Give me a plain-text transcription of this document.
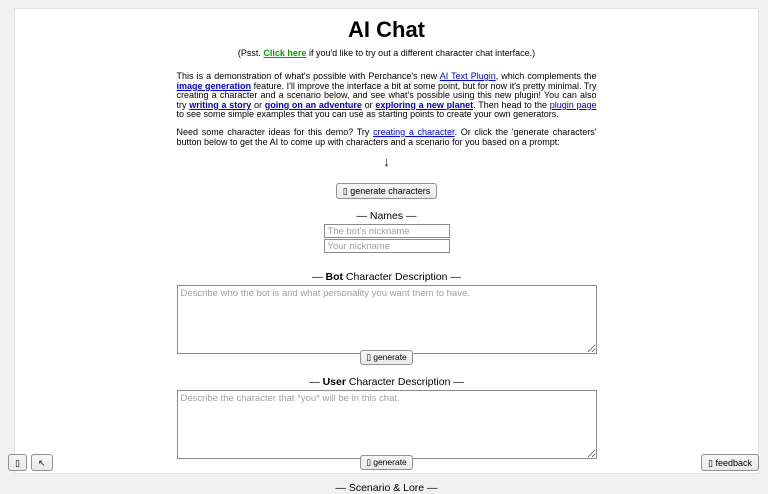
AI Chat
(Psst. Click here if you'd like to try out a different character chat interface.)

This is a demonstration of what's possible with Perchance's new AI Text Plugin, which complements the image generation feature. I'll improve the interface a bit at some point, but for now it's pretty minimal. Try creating a character and a scenario below, and see what's possible using this new plugin! You can also try writing a story or going on an adventure or exploring a new planet. Then head to the plugin page to see some simple examples that you can use as starting points to create your own generators.

Need some character ideas for this demo? Try creating a character. Or click the 'generate characters' button below to get the AI to come up with characters and a scenario for you based on a prompt:

↓
▯ generate characters
— Names —
The bot's nickname
Your nickname
— Bot Character Description —
Describe who the bot is and what personality you want them to have.
▯ generate
— User Character Description —
Describe the character that *you* will be in this chat.
▯ generate
— Scenario & Lore —
▯	↖	▯ feedback
